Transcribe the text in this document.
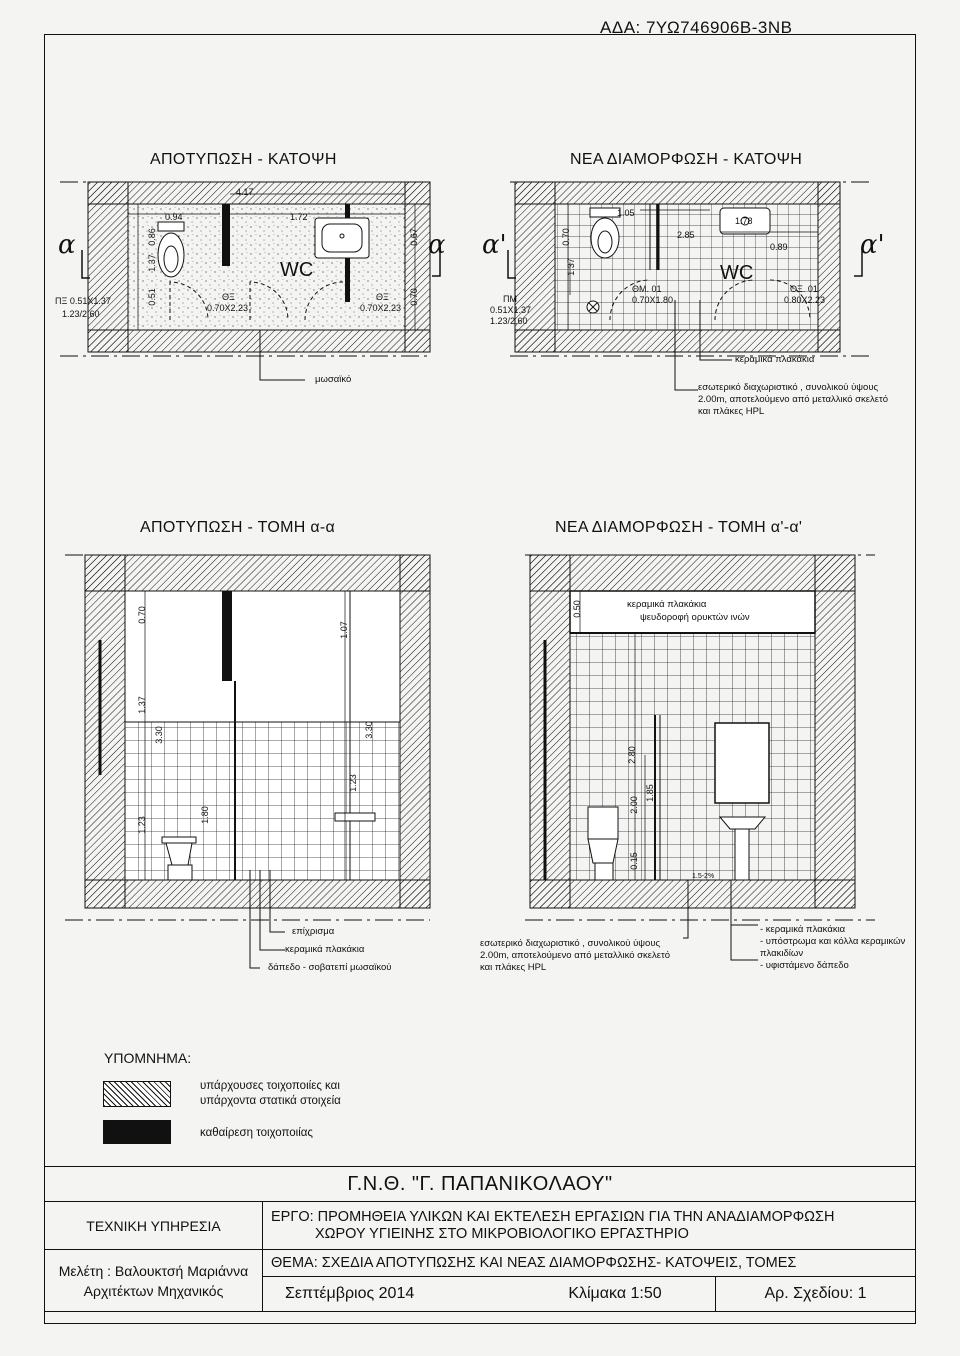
ΑΔΑ: 7ΥΩ746906Β-3ΝΒ
ΑΠΟΤΥΠΩΣΗ - ΚΑΤΟΨΗ	ΝΕΑ ΔΙΑΜΟΡΦΩΣΗ - ΚΑΤΟΨΗ
ΑΠΟΤΥΠΩΣΗ - ΤΟΜΗ α-α	ΝΕΑ ΔΙΑΜΟΡΦΩΣΗ - ΤΟΜΗ α'-α'
α	α
WC
ΠΞ 0.51X1.37
1.23/2.60
0.94
4.17
1.72
0.86
1.37
0.51
0.67
0.70
ΘΞ
0.70X2.23
ΘΞ
0.70X2.23
μωσαϊκό
α'	α'
WC
ΠΜ
0.51X1.37
1.23/2.60
1.05
1.78
0.89
1.37
0.70	2.85
ΘΜ. 01
0.70X1.80
ΘΞ. 01
0.80X2.23
κεραμικά πλακάκια
εσωτερικό διαχωριστικό , συνολικού ύψους
2.00m, αποτελούμενο από μεταλλικό σκελετό
και πλάκες HPL
0.70
1.07
1.37
3.30	3.30
1.23
1.80
1.23
επίχρισμα
κεραμικά πλακάκια
δάπεδο - σοβατεπί μωσαϊκού
0.50
2.80
2.00
1.85
0.15
1.5-2%
κεραμικά πλακάκια
ψευδοροφή ορυκτών ινών
εσωτερικό διαχωριστικό , συνολικού ύψους
2.00m, αποτελούμενο από μεταλλικό σκελετό
και πλάκες HPL
- κεραμικά πλακάκια
- υπόστρωμα και κόλλα κεραμικών
πλακιδίων
- υφιστάμενο δάπεδο
ΥΠΟΜΝΗΜΑ:
υπάρχουσες τοιχοποιίες και
υπάρχοντα στατικά στοιχεία
καθαίρεση τοιχοποιίας
Γ.Ν.Θ. "Γ. ΠΑΠΑΝΙΚΟΛΑΟΥ"	
ΤΕΧΝΙΚΗ ΥΠΗΡΕΣΙΑ	ΕΡΓΟ: ΠΡΟΜΗΘΕΙΑ ΥΛΙΚΩΝ ΚΑΙ ΕΚΤΕΛΕΣΗ ΕΡΓΑΣΙΩΝ ΓΙΑ ΤΗΝ ΑΝΑΔΙΑΜΟΡΦΩΣΗ
ΧΩΡΟΥ ΥΓΙΕΙΝΗΣ ΣΤΟ ΜΙΚΡΟΒΙΟΛΟΓΙΚΟ ΕΡΓΑΣΤΗΡΙΟ

Μελέτη : Βαλουκτσή Μαριάννα
Αρχιτέκτων Μηχανικός	ΘΕΜΑ: ΣΧΕΔΙΑ ΑΠΟΤΥΠΩΣΗΣ ΚΑΙ ΝΕΑΣ ΔΙΑΜΟΡΦΩΣΗΣ- ΚΑΤΟΨΕΙΣ, ΤΟΜΕΣ

	Σεπτέμβριος 2014 Κλίμακα 1:50 Αρ. Σχεδίου: 1
